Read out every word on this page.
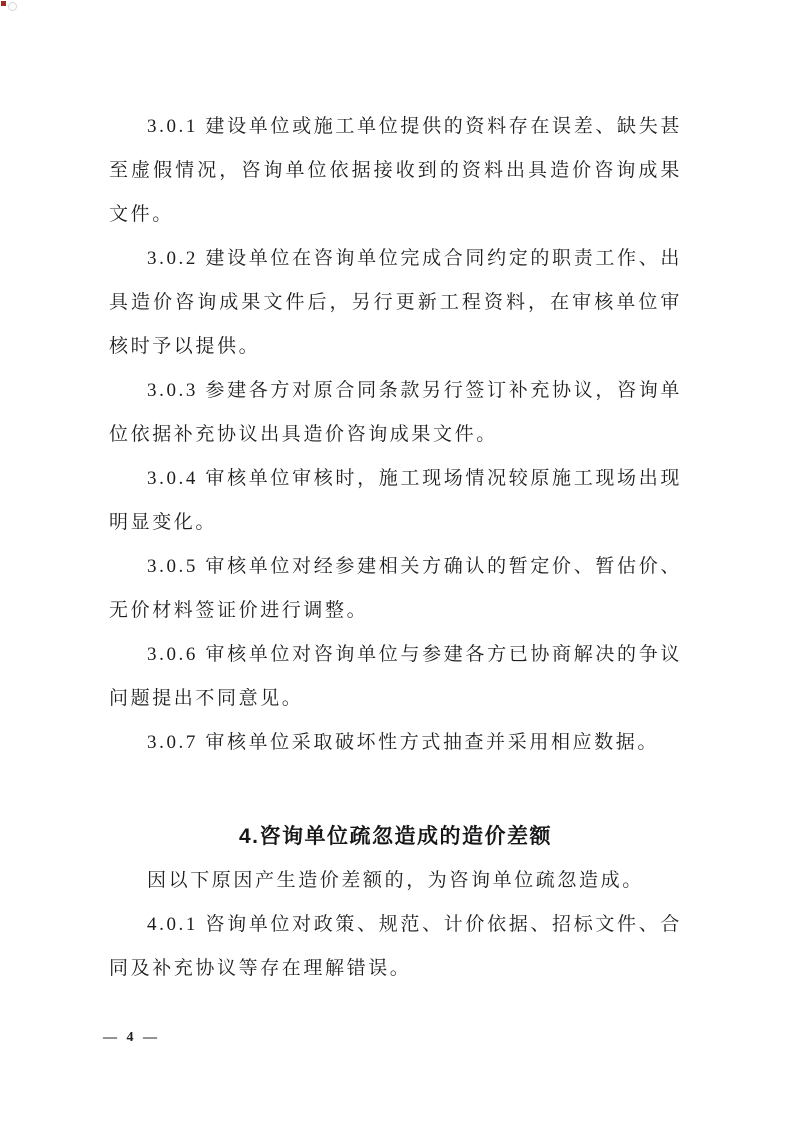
3.0.1 建设单位或施工单位提供的资料存在误差、缺失甚至虚假情况，咨询单位依据接收到的资料出具造价咨询成果文件。

3.0.2 建设单位在咨询单位完成合同约定的职责工作、出具造价咨询成果文件后，另行更新工程资料，在审核单位审核时予以提供。

3.0.3 参建各方对原合同条款另行签订补充协议，咨询单位依据补充协议出具造价咨询成果文件。

3.0.4 审核单位审核时，施工现场情况较原施工现场出现明显变化。

3.0.5 审核单位对经参建相关方确认的暂定价、暂估价、无价材料签证价进行调整。

3.0.6 审核单位对咨询单位与参建各方已协商解决的争议问题提出不同意见。

3.0.7 审核单位采取破坏性方式抽查并采用相应数据。

4.咨询单位疏忽造成的造价差额

因以下原因产生造价差额的，为咨询单位疏忽造成。

4.0.1 咨询单位对政策、规范、计价依据、招标文件、合同及补充协议等存在理解错误。

— 4 —
